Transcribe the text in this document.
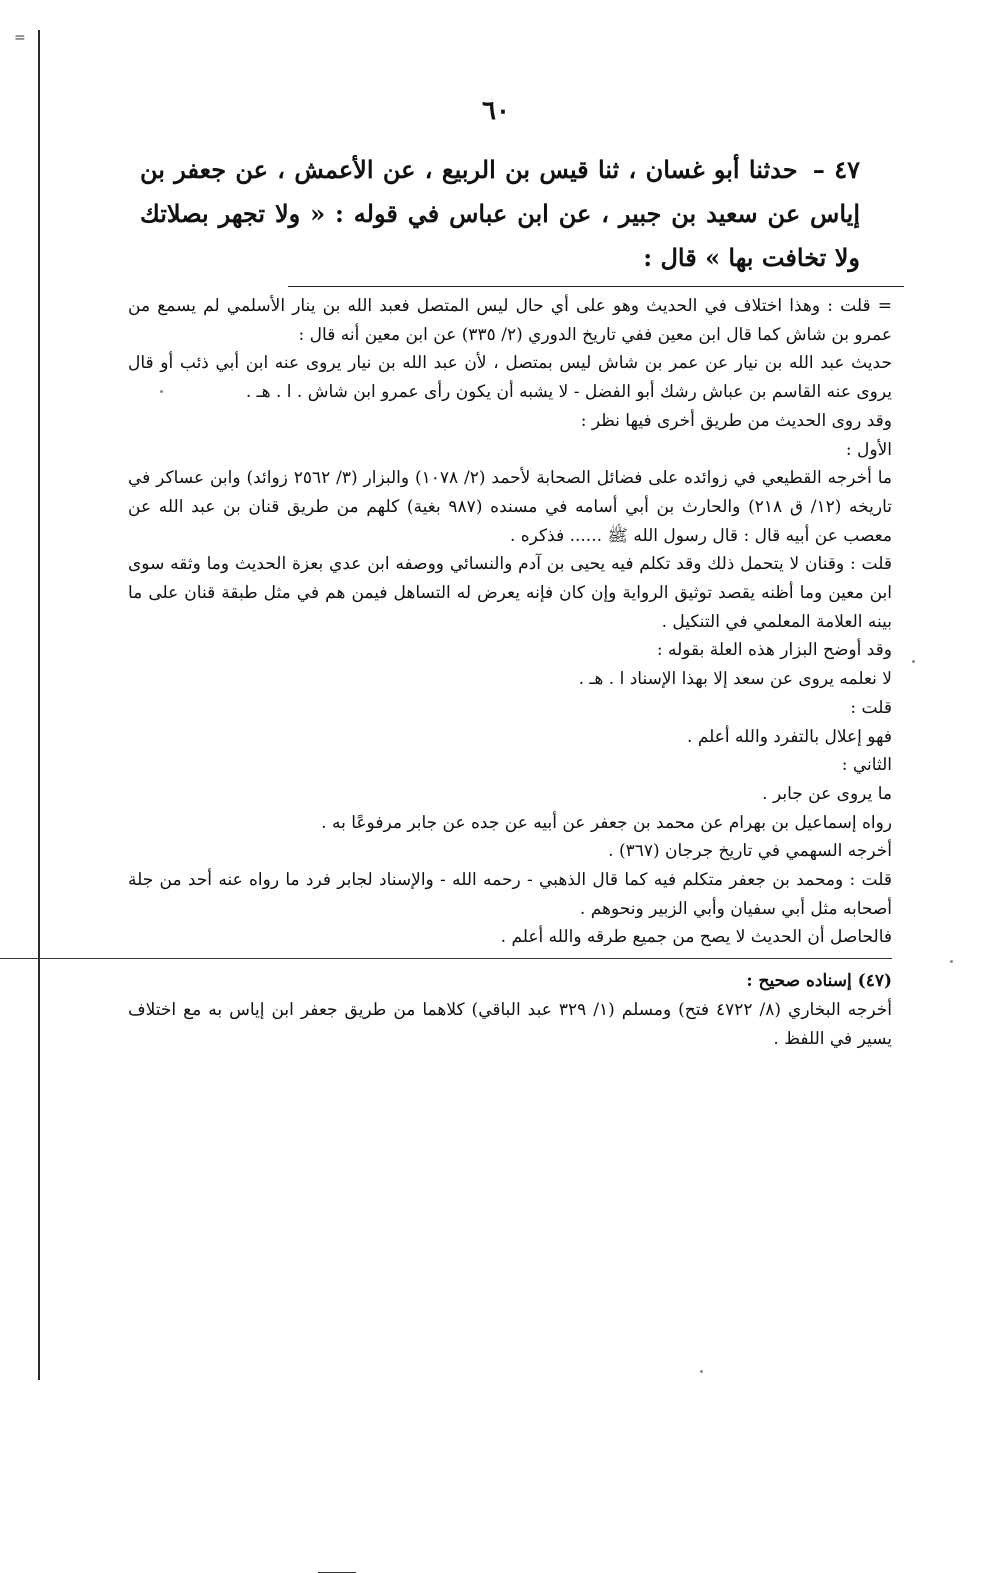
=
٦٠

٤٧ – حدثنا أبو غسان ، ثنا قيس بن الربيع ، عن الأعمش ، عن جعفر بن إياس عن سعيد بن جبير ، عن ابن عباس في قوله : « ولا تجهر بصلاتك ولا تخافت بها » قال :

= قلت : وهذا اختلاف في الحديث وهو على أي حال ليس المتصل فعبد الله بن ينار الأسلمي لم يسمع من عمرو بن شاش كما قال ابن معين ففي تاريخ الدوري (٢/ ٣٣٥) عن ابن معين أنه قال :

حديث عبد الله بن نيار عن عمر بن شاش ليس بمتصل ، لأن عبد الله بن نيار يروى عنه ابن أبي ذئب أو قال يروى عنه القاسم بن عباش رشك أبو الفضل - لا يشبه أن يكون رأى عمرو ابن شاش . ا . هـ .

وقد روى الحديث من طريق أخرى فيها نظر :

الأول :

ما أخرجه القطيعي في زوائده على فضائل الصحابة لأحمد (٢/ ١٠٧٨) والبزار (٣/ ٢٥٦٢ زوائد) وابن عساكر في تاريخه (١٢/ ق ٢١٨) والحارث بن أبي أسامه في مسنده (٩٨٧ بغية) كلهم من طريق قنان بن عبد الله عن معصب عن أبيه قال : قال رسول الله ﷺ ...... فذكره .

قلت : وقنان لا يتحمل ذلك وقد تكلم فيه يحيى بن آدم والنسائي ووصفه ابن عدي بعزة الحديث وما وثقه سوى ابن معين وما أظنه يقصد توثيق الرواية وإن كان فإنه يعرض له التساهل فيمن هم في مثل طبقة قنان على ما بينه العلامة المعلمي في التنكيل .

وقد أوضح البزار هذه العلة بقوله :

لا نعلمه يروى عن سعد إلا بهذا الإسناد ا . هـ .

قلت :

فهو إعلال بالتفرد والله أعلم .

الثاني :

ما يروى عن جابر .

رواه إسماعيل بن بهرام عن محمد بن جعفر عن أبيه عن جده عن جابر مرفوعًا به .

أخرجه السهمي في تاريخ جرجان (٣٦٧) .

قلت : ومحمد بن جعفر متكلم فيه كما قال الذهبي - رحمه الله - والإسناد لجابر فرد ما رواه عنه أحد من جلة أصحابه مثل أبي سفيان وأبي الزبير ونحوهم .

فالحاصل أن الحديث لا يصح من جميع طرقه والله أعلم .

(٤٧) إسناده صحيح :

أخرجه البخاري (٨/ ٤٧٢٢ فتح) ومسلم (١/ ٣٢٩ عبد الباقي) كلاهما من طريق جعفر ابن إياس به مع اختلاف يسير في اللفظ .
